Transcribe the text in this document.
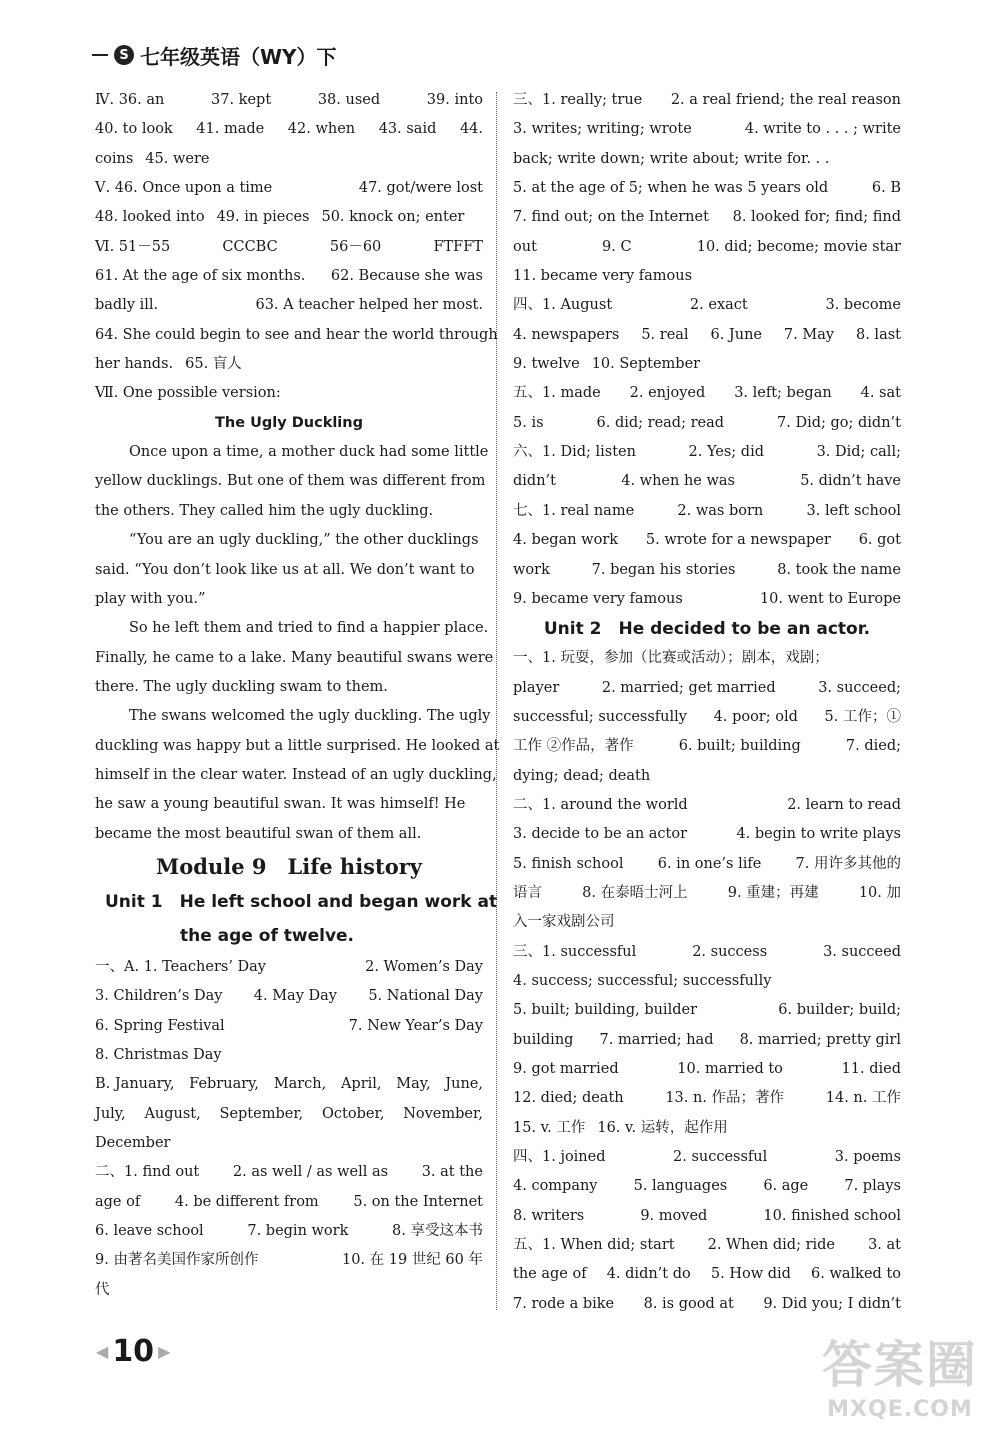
S 七年级英语（WY）下
Ⅳ. 36. an	37. kept	38. used	39. into
40. to look 41. made 42. when 43. said 44.
coins 45. were
Ⅴ. 46. Once upon a time	47. got/were lost
48. looked into 49. in pieces 50. knock on; enter
Ⅵ. 51－55	CCCBC	56－60	FTFFT
61. At the age of six months. 62. Because she was
badly ill.	63. A teacher helped her most.
64. She could begin to see and hear the world through
her hands. 65. 盲人
Ⅶ. One possible version:
The Ugly Duckling
Once upon a time, a mother duck had some little
yellow ducklings. But one of them was different from
the others. They called him the ugly duckling.
“You are an ugly duckling,” the other ducklings
said. “You don’t look like us at all. We don’t want to
play with you.”
So he left them and tried to find a happier place.
Finally, he came to a lake. Many beautiful swans were
there. The ugly duckling swam to them.
The swans welcomed the ugly duckling. The ugly
duckling was happy but a little surprised. He looked at
himself in the clear water. Instead of an ugly duckling,
he saw a young beautiful swan. It was himself! He
became the most beautiful swan of them all.
Module 9　Life history
Unit 1　He left school and began work at
the age of twelve.
一、A. 1. Teachers’ Day	2. Women’s Day
3. Children’s Day 4. May Day 5. National Day
6. Spring Festival	7. New Year’s Day
8. Christmas Day
B. January, February, March, April, May, June,
July, August, September, October, November,
December
二、1. find out 2. as well / as well as 3. at the
age of 4. be different from 5. on the Internet
6. leave school	7. begin work	8. 享受这本书
9. 由著名美国作家所创作	10. 在 19 世纪 60 年
代
三、1. really; true 2. a real friend; the real reason
3. writes; writing; wrote	4. write to . . . ; write
back; write down; write about; write for. . .
5. at the age of 5; when he was 5 years old	6. B
7. find out; on the Internet 8. looked for; find; find
out	9. C	10. did; become; movie star
11. became very famous
四、1. August	2. exact	3. become
4. newspapers 5. real 6. June 7. May 8. last
9. twelve 10. September
五、1. made 2. enjoyed 3. left; began 4. sat
5. is	6. did; read; read	7. Did; go; didn’t
六、1. Did; listen	2. Yes; did	3. Did; call;
didn’t	4. when he was	5. didn’t have
七、1. real name	2. was born	3. left school
4. began work 5. wrote for a newspaper 6. got
work	7. began his stories	8. took the name
9. became very famous	10. went to Europe
Unit 2　He decided to be an actor.
一、1. 玩耍，参加（比赛或活动）；剧本，戏剧；
player	2. married; get married	3. succeed;
successful; successfully 4. poor; old 5. 工作；①
工作 ②作品，著作	6. built; building	7. died;
dying; dead; death
二、1. around the world	2. learn to read
3. decide to be an actor	4. begin to write plays
5. finish school 6. in one’s life 7. 用许多其他的
语言	8. 在泰晤士河上	9. 重建；再建	10. 加
入一家戏剧公司
三、1. successful	2. success	3. succeed
4. success; successful; successfully
5. built; building, builder	6. builder; build;
building 7. married; had 8. married; pretty girl
9. got married	10. married to	11. died
12. died; death	13. n. 作品；著作	14. n. 工作
15. v. 工作 16. v. 运转，起作用
四、1. joined	2. successful	3. poems
4. company 5. languages 6. age 7. plays
8. writers	9. moved	10. finished school
五、1. When did; start 2. When did; ride 3. at
the age of 4. didn’t do 5. How did 6. walked to
7. rode a bike 8. is good at 9. Did you; I didn’t
◀ 10 ▶	答案圈
MXQE.COM
